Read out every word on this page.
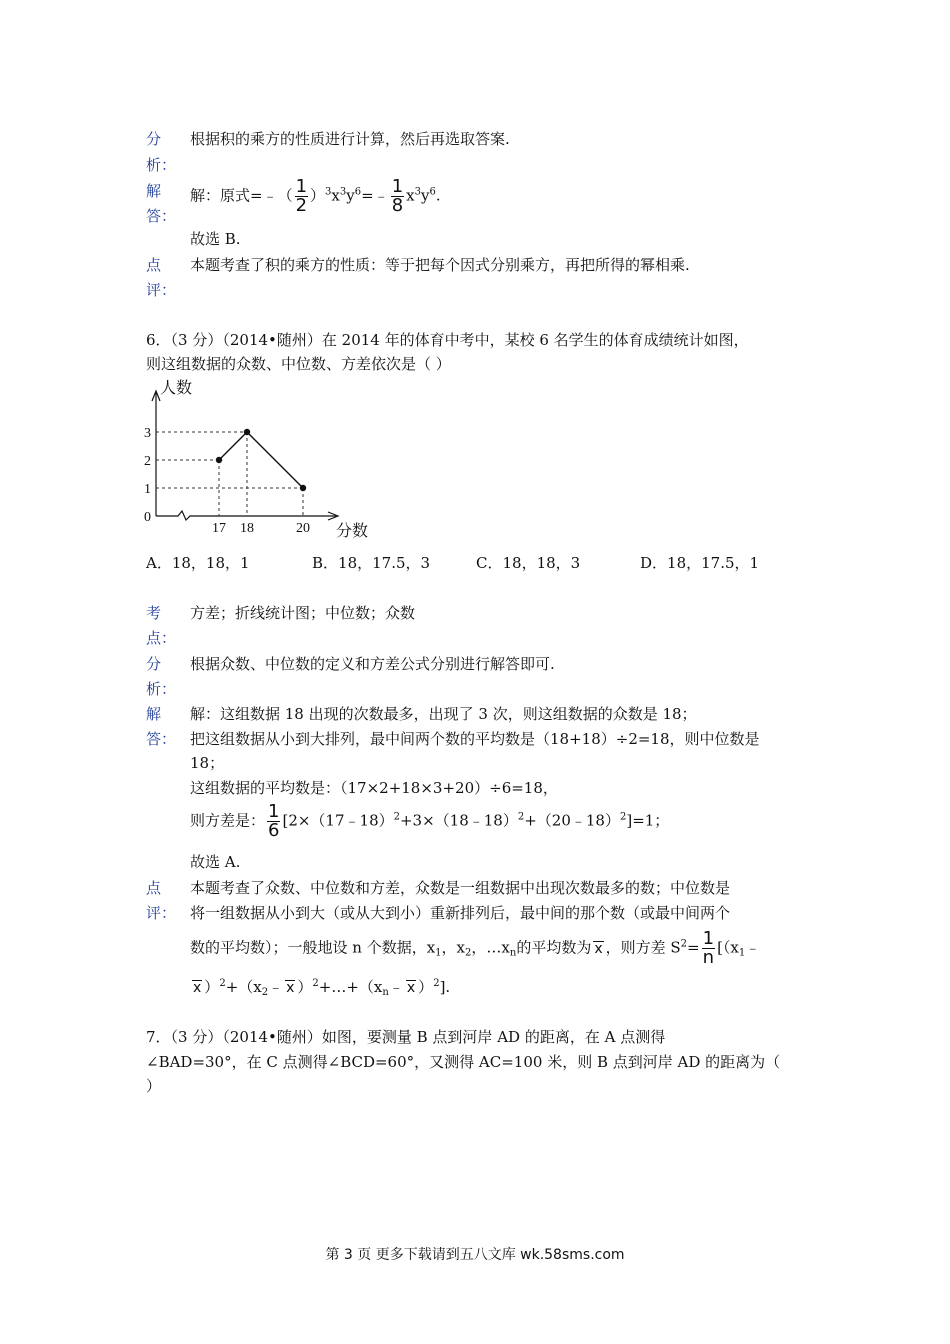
分
析：
根据积的乘方的性质进行计算，然后再选取答案.
解
答：
解：原式=﹣（ $\frac{1}{2}$ ）$^3x^3y^6=﹣ \frac{1}{8} x^3y^6$.
故选 B.
点
评：
本题考查了积的乘方的性质：等于把每个因式分别乘方，再把所得的幂相乘.
6．（3 分）（2014•随州）在 2014 年的体育中考中，某校 6 名学生的体育成绩统计如图，
则这组数据的众数、中位数、方差依次是（ ）
人数
分数
0
1
2
3
17 18	20
A．18，18，1	B．18，17.5，3	C．18，18，3	D．18，17.5，1
考
点：
方差；折线统计图；中位数；众数
分
析：
根据众数、中位数的定义和方差公式分别进行解答即可.
解
答：
解：这组数据 18 出现的次数最多，出现了 3 次，则这组数据的众数是 18；
把这组数据从小到大排列，最中间两个数的平均数是（18+18）÷2=18，则中位数是
18；
这组数据的平均数是：（17×2+18×3+20）÷6=18，
则方差是： $\frac{1}{6}$ [2×（17﹣18）$^2$+3×（18﹣18）$^2$+（20﹣18）$^2$]=1；
故选 A.
点
评：
本题考查了众数、中位数和方差，众数是一组数据中出现次数最多的数；中位数是
将一组数据从小到大（或从大到小）重新排列后，最中间的那个数（或最中间两个
数的平均数）；一般地设 n 个数据，$x_1$，$x_2$，$\dots x_n$的平均数为 x ，则方差 $S^2= \frac{1}{n}$ [（$x_1﹣$
x ）$^2+(x_2﹣$ x ）$^2+\dots+(x_n﹣$ x ）$^2$].
7．（3 分）（2014•随州）如图，要测量 B 点到河岸 AD 的距离，在 A 点测得
∠BAD=30°，在 C 点测得∠BCD=60°，又测得 AC=100 米，则 B 点到河岸 AD 的距离为（
）
第 3 页 更多下载请到五八文库 wk.58sms.com
